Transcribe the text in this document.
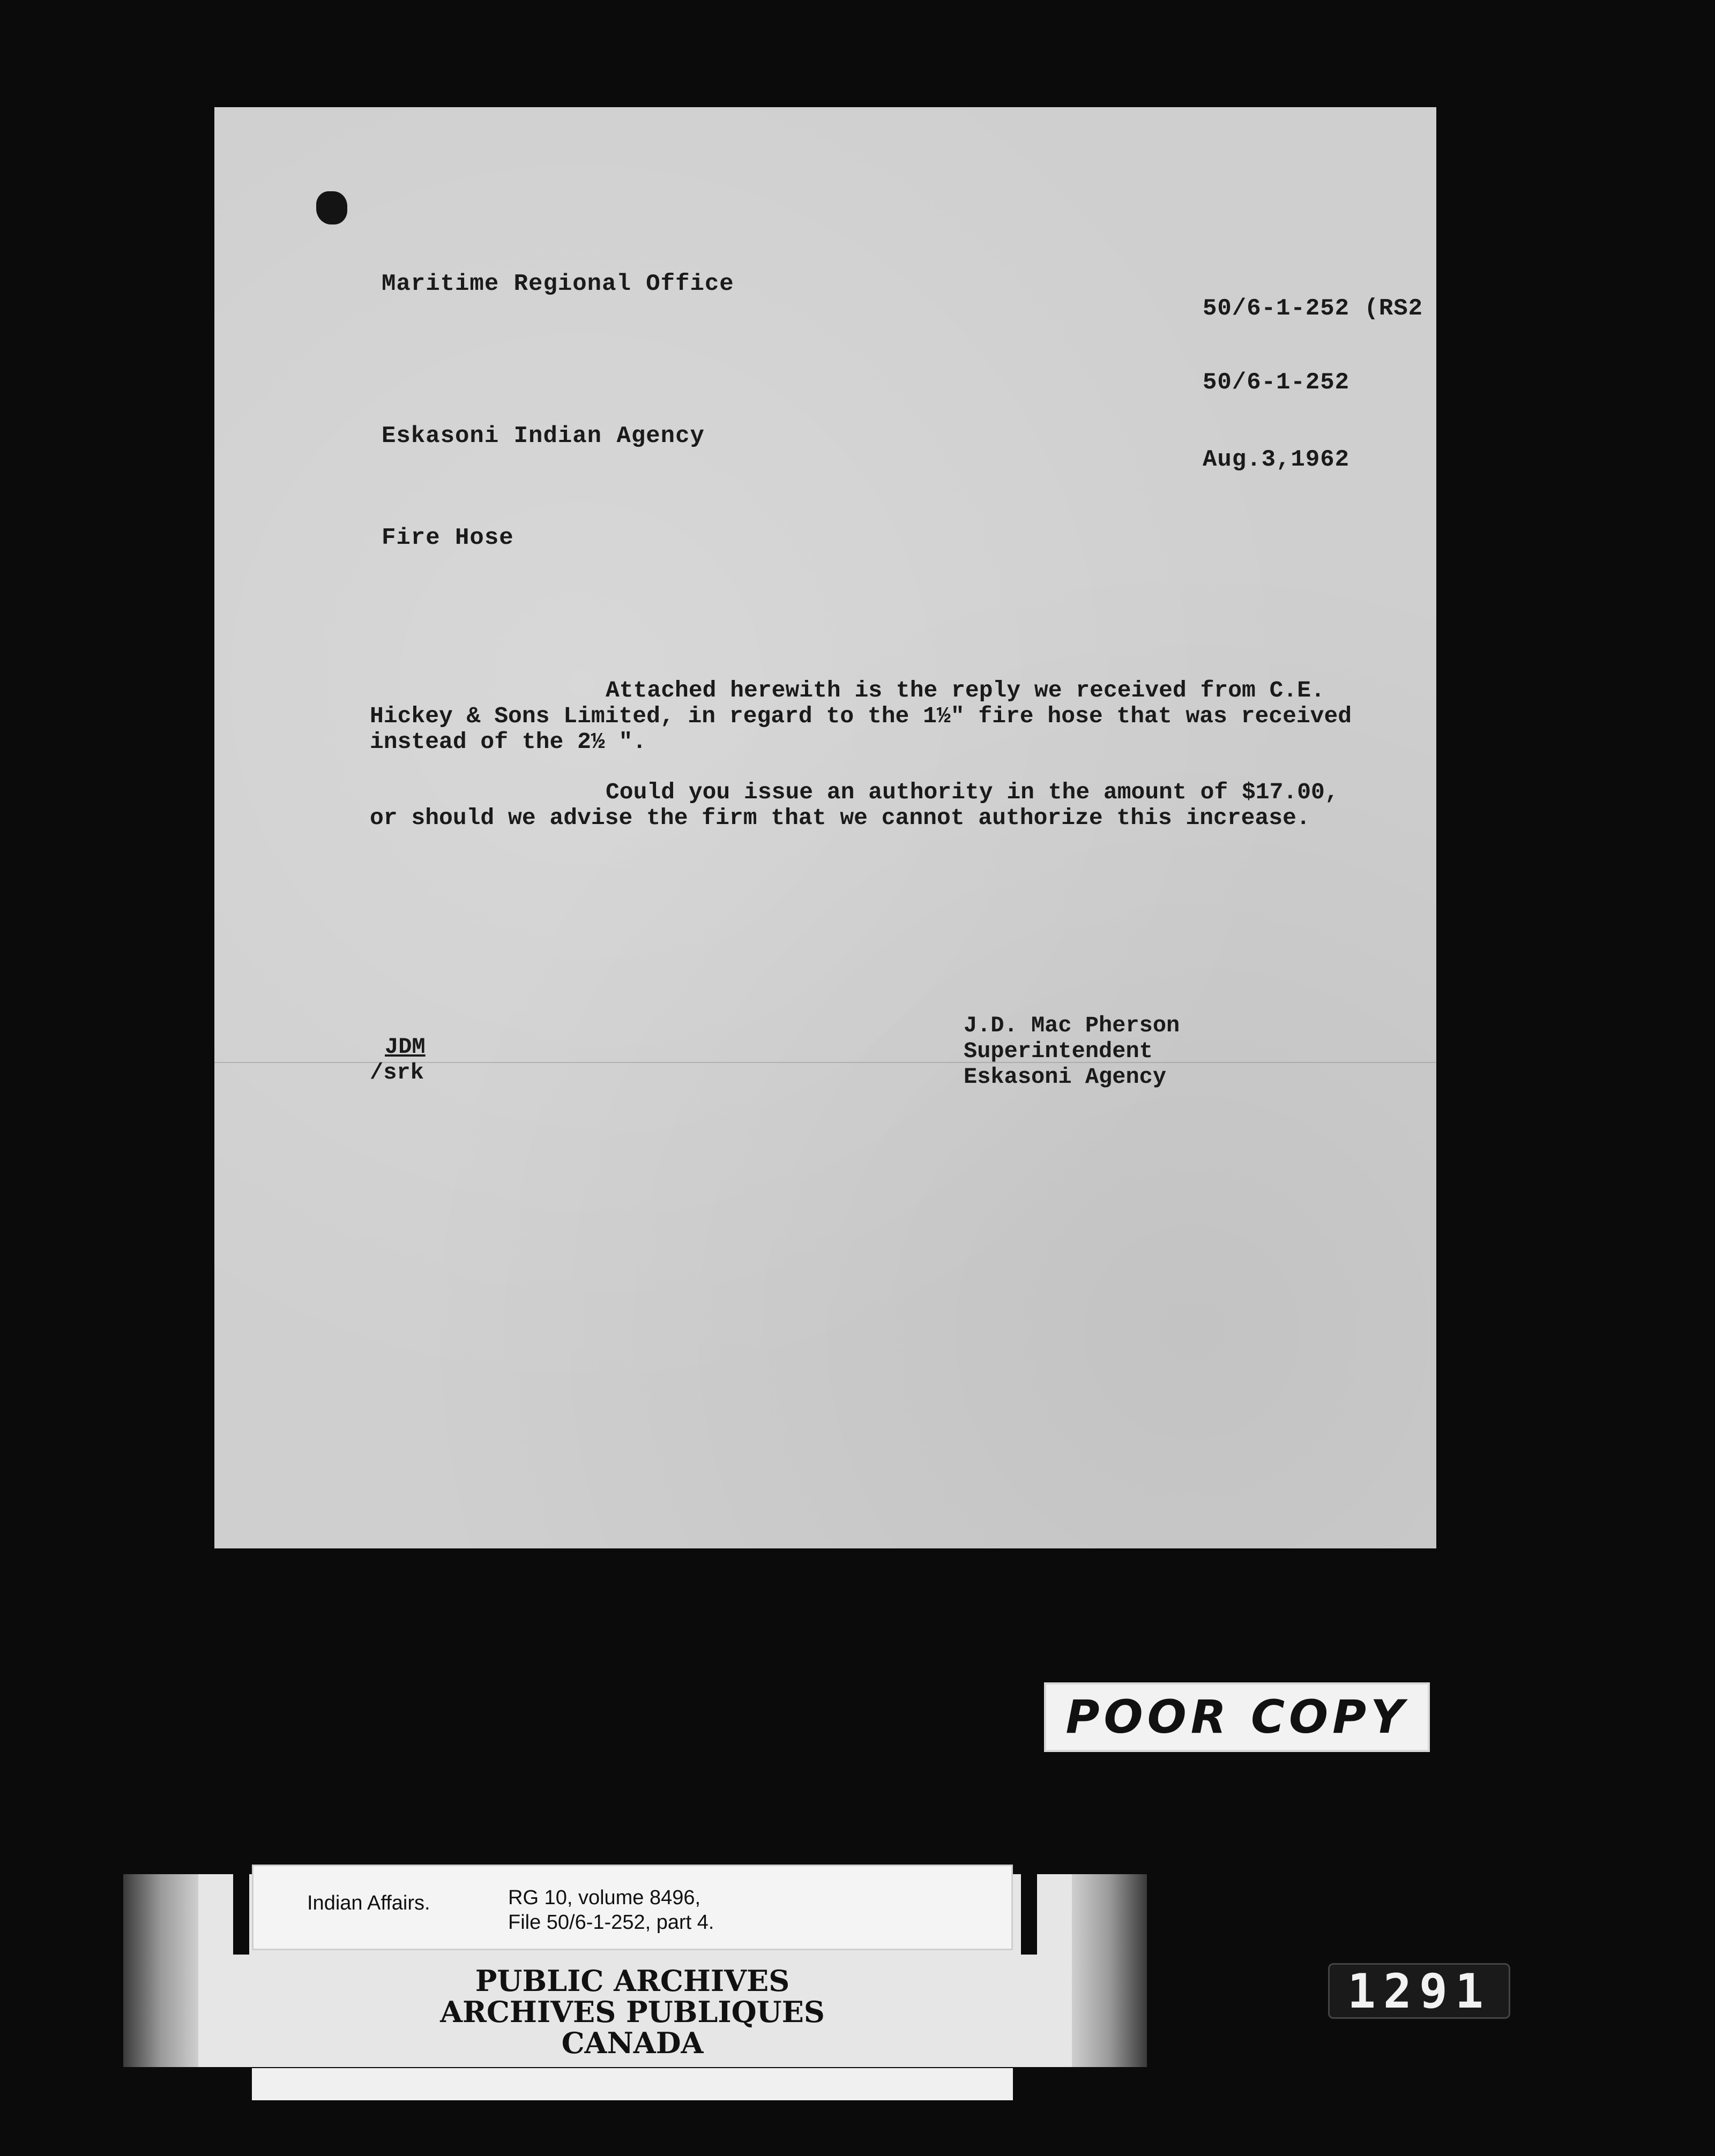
Maritime Regional Office
50/6-1-252 (RS2
50/6-1-252
Eskasoni Indian Agency
Aug.3,1962
Fire Hose
Attached herewith is the reply we received from C.E. Hickey & Sons Limited, in regard to the 1½" fire hose that was received instead of the 2½ ".
Could you issue an authority in the amount of $17.00, or should we advise the firm that we cannot authorize this increase.
JDM
/srk
J.D. Mac Pherson
Superintendent
Eskasoni Agency
POOR COPY
Indian Affairs.	RG 10, volume 8496,
File 50/6-1-252, part 4.
PUBLIC ARCHIVES
ARCHIVES PUBLIQUES
CANADA
1291
